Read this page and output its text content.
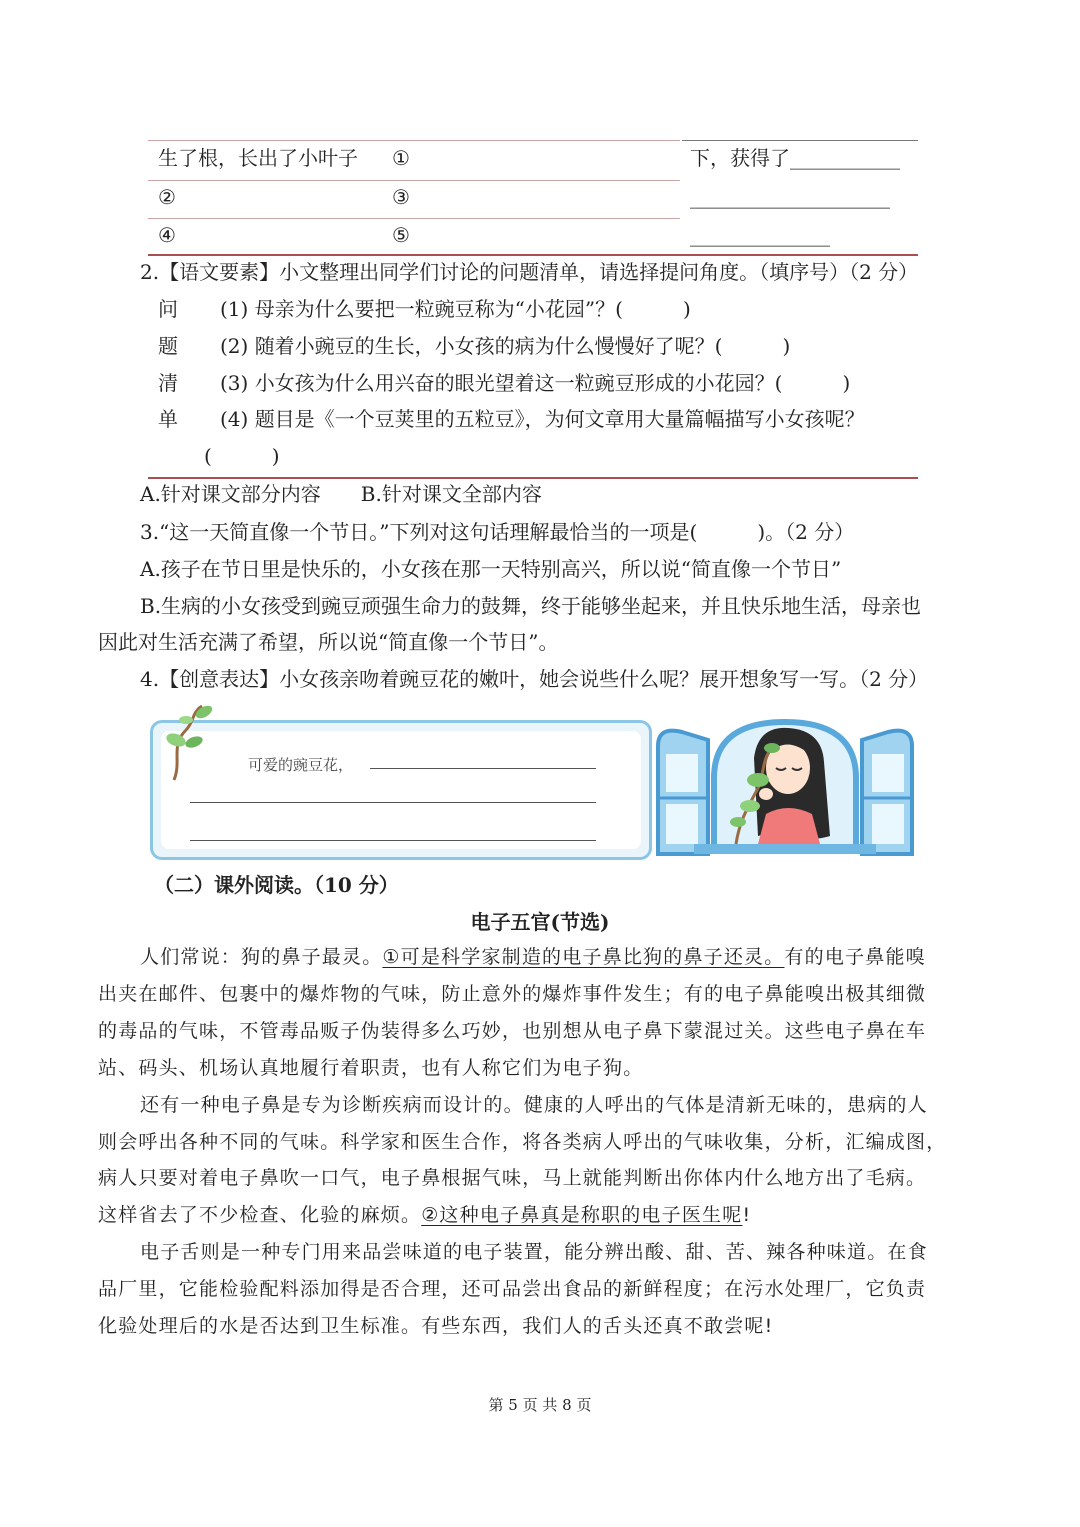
生了根，长出了小叶子 ①
②	③
④	⑤
下，获得了___________
____________________
______________
2.【语文要素】小文整理出同学们讨论的问题清单，请选择提问角度。（填序号）（2 分）
问
题
清
单
(1) 母亲为什么要把一粒豌豆称为“小花园”？(　　　)
(2) 随着小豌豆的生长，小女孩的病为什么慢慢好了呢？(　　　)
(3) 小女孩为什么用兴奋的眼光望着这一粒豌豆形成的小花园？(　　　)
(4) 题目是《一个豆荚里的五粒豆》，为何文章用大量篇幅描写小女孩呢？
(　　　)
A.针对课文部分内容　　B.针对课文全部内容
3.“这一天简直像一个节日。”下列对这句话理解最恰当的一项是(　　　)。（2 分）
A.孩子在节日里是快乐的，小女孩在那一天特别高兴，所以说“简直像一个节日”
B.生病的小女孩受到豌豆顽强生命力的鼓舞，终于能够坐起来，并且快乐地生活，母亲也
因此对生活充满了希望，所以说“简直像一个节日”。
4.【创意表达】小女孩亲吻着豌豆花的嫩叶，她会说些什么呢？展开想象写一写。（2 分）
可爱的豌豆花，
（二）课外阅读。（10 分）
电子五官(节选)
人们常说：狗的鼻子最灵。①可是科学家制造的电子鼻比狗的鼻子还灵。有的电子鼻能嗅
出夹在邮件、包裹中的爆炸物的气味，防止意外的爆炸事件发生；有的电子鼻能嗅出极其细微
的毒品的气味，不管毒品贩子伪装得多么巧妙，也别想从电子鼻下蒙混过关。这些电子鼻在车
站、码头、机场认真地履行着职责，也有人称它们为电子狗。
还有一种电子鼻是专为诊断疾病而设计的。健康的人呼出的气体是清新无味的，患病的人
则会呼出各种不同的气味。科学家和医生合作，将各类病人呼出的气味收集，分析，汇编成图，
病人只要对着电子鼻吹一口气，电子鼻根据气味，马上就能判断出你体内什么地方出了毛病。
这样省去了不少检查、化验的麻烦。②这种电子鼻真是称职的电子医生呢!
电子舌则是一种专门用来品尝味道的电子装置，能分辨出酸、甜、苦、辣各种味道。在食
品厂里，它能检验配料添加得是否合理，还可品尝出食品的新鲜程度；在污水处理厂，它负责
化验处理后的水是否达到卫生标准。有些东西，我们人的舌头还真不敢尝呢!
第 5 页 共 8 页
